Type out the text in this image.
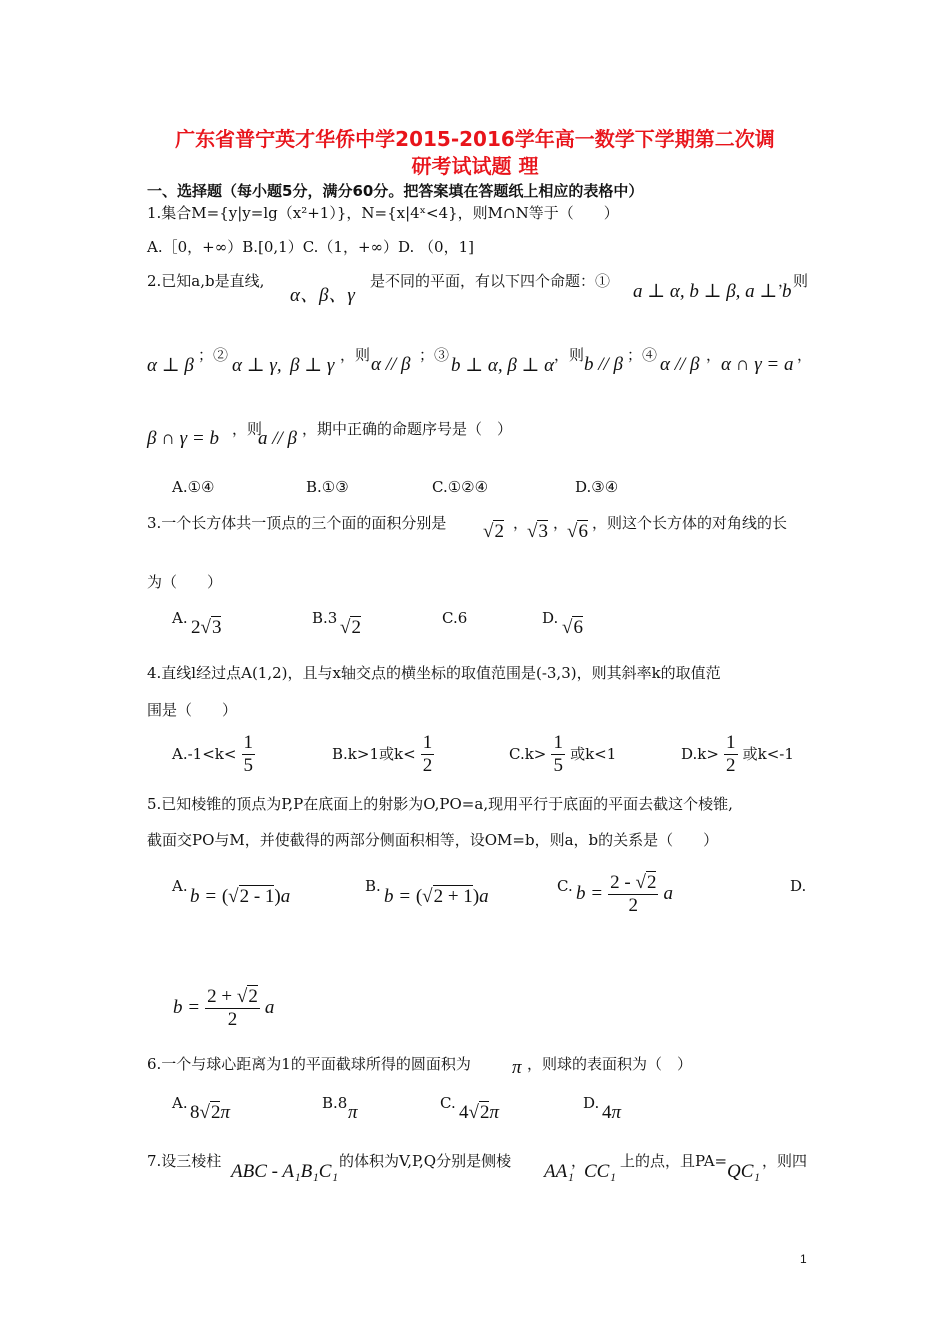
广东省普宁英才华侨中学2015-2016学年高一数学下学期第二次调
研考试试题 理
一、选择题（每小题5分，满分60分。把答案填在答题纸上相应的表格中）
1.集合M={y|y=lg（x²+1）}，N={x|4ˣ<4}，则M∩N等于（　　）
A.［0，+∞）B.[0,1）C.（1，+∞）D. （0，1]
2.已知a,b是直线,
α、β、γ
是不同的平面，有以下四个命题：① a ⊥ α, b ⊥ β, a ⊥ b
，则
α ⊥ β ；② α ⊥ γ, β ⊥ γ ，则 α // β ；③ b ⊥ α, β ⊥ α ，则 b // β ；④ α // β ， α ∩ γ = a ，
β ∩ γ = b ，则
a // β ，期中正确的命题序号是（　）
A.①④	B.①③	C.①②④	D.③④
3.一个长方体共一顶点的三个面的面积分别是 √2 ，
√3 ，
√6 ，则这个长方体的对角线的长
为（　　）
A. 2√3	B.3 √2	C.6	D. √6
4.直线l经过点A(1,2)，且与x轴交点的横坐标的取值范围是(-3,3)，则其斜率k的取值范
围是（　　）
$A.-1<k< \frac{1}{5}$	B.k>1或$k< \frac{1}{2}$	$C.k> \frac{1}{5}$ 或k<1	$D.k> \frac{1}{2}$ 或k<-1
5.已知棱锥的顶点为P,P在底面上的射影为O,PO=a,现用平行于底面的平面去截这个棱锥,
截面交PO与M，并使截得的两部分侧面积相等，设OM=b，则a，b的关系是（　　）
A. b = (√2 - 1)a	B. b = (√2 + 1)a	C. $b = \frac{2 - √2}{2}$ a	D.
$b = \frac{2 + √2}{2}$ a
6.一个与球心距离为1的平面截球所得的圆面积为 π ，则球的表面积为（　）
A. 8√2π	B.8 π	C. 4√2π	D. 4π
7.设三棱柱 ABC - A₁B₁C₁ 的体积为V,P,Q分别是侧棱 AA₁
，
CC₁ 上的点，且PA= QC₁ ，则四
1
